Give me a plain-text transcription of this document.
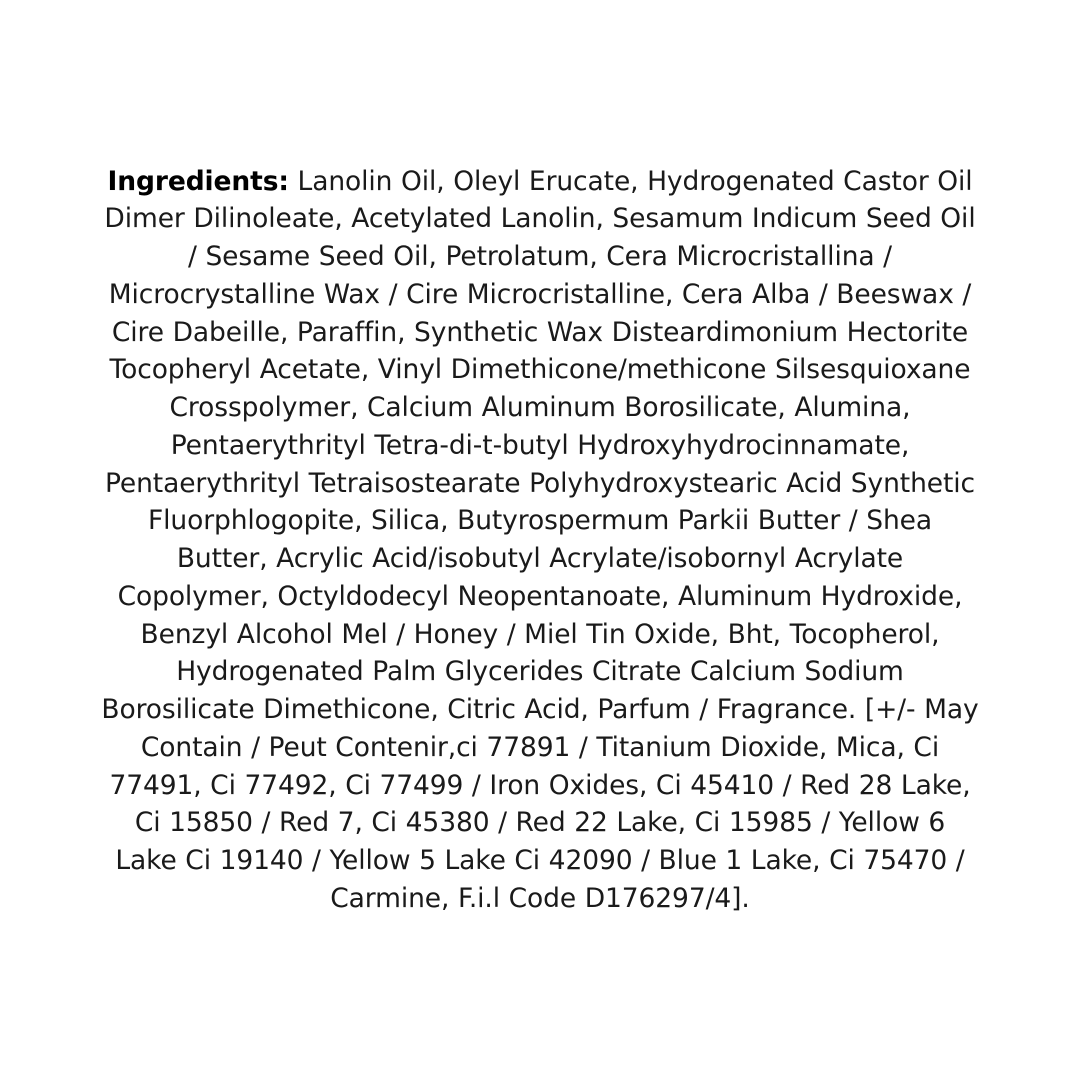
Ingredients: Lanolin Oil, Oleyl Erucate, Hydrogenated Castor Oil Dimer Dilinoleate, Acetylated Lanolin, Sesamum Indicum Seed Oil / Sesame Seed Oil, Petrolatum, Cera Microcristallina / Microcrystalline Wax / Cire Microcristalline, Cera Alba / Beeswax / Cire Dabeille, Paraffin, Synthetic Wax Disteardimonium Hectorite Tocopheryl Acetate, Vinyl Dimethicone/methicone Silsesquioxane Crosspolymer, Calcium Aluminum Borosilicate, Alumina, Pentaerythrityl Tetra-di-t-butyl Hydroxyhydrocinnamate, Pentaerythrityl Tetraisostearate Polyhydroxystearic Acid Synthetic Fluorphlogopite, Silica, Butyrospermum Parkii Butter / Shea Butter, Acrylic Acid/isobutyl Acrylate/isobornyl Acrylate Copolymer, Octyldodecyl Neopentanoate, Aluminum Hydroxide, Benzyl Alcohol Mel / Honey / Miel Tin Oxide, Bht, Tocopherol, Hydrogenated Palm Glycerides Citrate Calcium Sodium Borosilicate Dimethicone, Citric Acid, Parfum / Fragrance. [+/- May Contain / Peut Contenir,ci 77891 / Titanium Dioxide, Mica, Ci 77491, Ci 77492, Ci 77499 / Iron Oxides, Ci 45410 / Red 28 Lake, Ci 15850 / Red 7, Ci 45380 / Red 22 Lake, Ci 15985 / Yellow 6 Lake Ci 19140 / Yellow 5 Lake Ci 42090 / Blue 1 Lake, Ci 75470 / Carmine, F.i.l Code D176297/4].
